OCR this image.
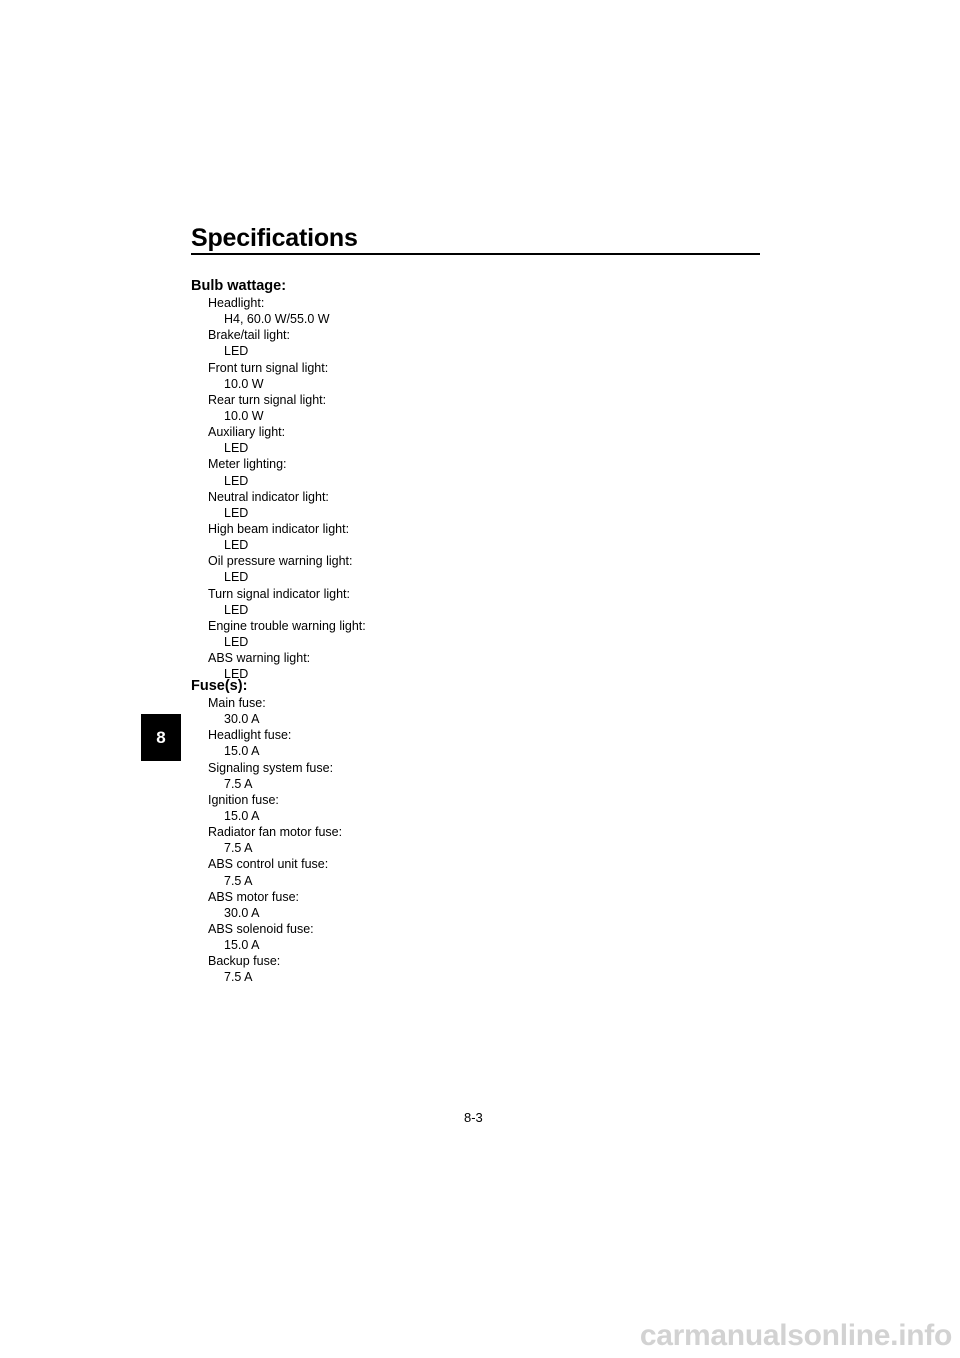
Specifications
8
Bulb wattage:
Headlight:
H4, 60.0 W/55.0 W
Brake/tail light:
LED
Front turn signal light:
10.0 W
Rear turn signal light:
10.0 W
Auxiliary light:
LED
Meter lighting:
LED
Neutral indicator light:
LED
High beam indicator light:
LED
Oil pressure warning light:
LED
Turn signal indicator light:
LED
Engine trouble warning light:
LED
ABS warning light:
LED
Fuse(s):
Main fuse:
30.0 A
Headlight fuse:
15.0 A
Signaling system fuse:
7.5 A
Ignition fuse:
15.0 A
Radiator fan motor fuse:
7.5 A
ABS control unit fuse:
7.5 A
ABS motor fuse:
30.0 A
ABS solenoid fuse:
15.0 A
Backup fuse:
7.5 A
8-3
carmanualsonline.info
